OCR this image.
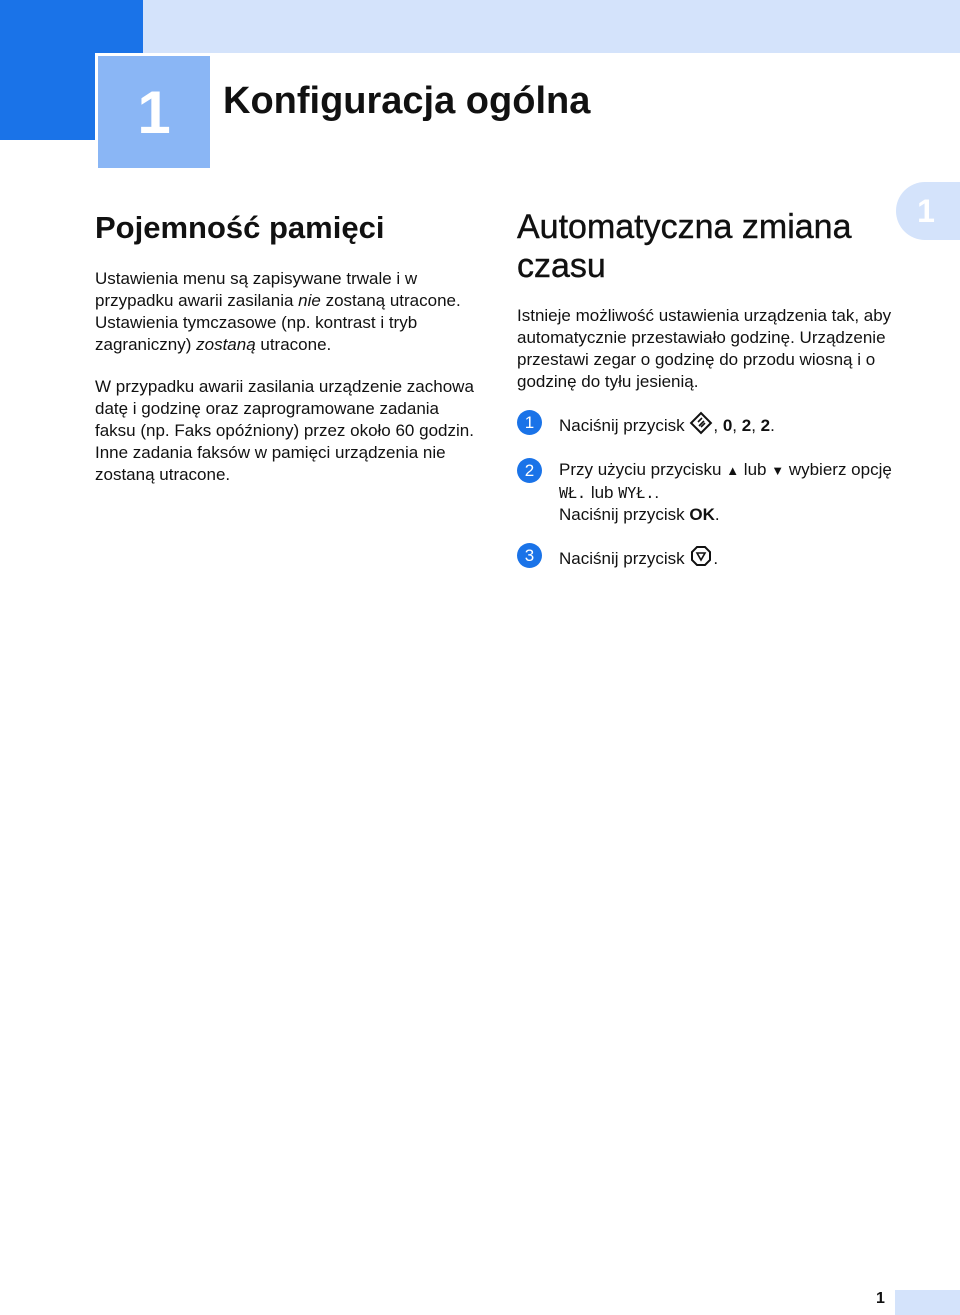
1	Konfiguracja ogólna
1
Pojemność pamięci

Ustawienia menu są zapisywane trwale i w przypadku awarii zasilania nie zostaną utracone. Ustawienia tymczasowe (np. kontrast i tryb zagraniczny) zostaną utracone.

W przypadku awarii zasilania urządzenie zachowa datę i godzinę oraz zaprogramowane zadania faksu (np. Faks opóźniony) przez około 60 godzin. Inne zadania faksów w pamięci urządzenia nie zostaną utracone.

Automatyczna zmiana czasu

Istnieje możliwość ustawienia urządzenia tak, aby automatycznie przestawiało godzinę. Urządzenie przestawi zegar o godzinę do przodu wiosną i o godzinę do tyłu jesienią.

1	Naciśnij przycisk , 0, 2, 2.
2	Przy użyciu przycisku ▲ lub ▼ wybierz opcję WŁ. lub WYŁ..
Naciśnij przycisk OK.
3	Naciśnij przycisk .
1
